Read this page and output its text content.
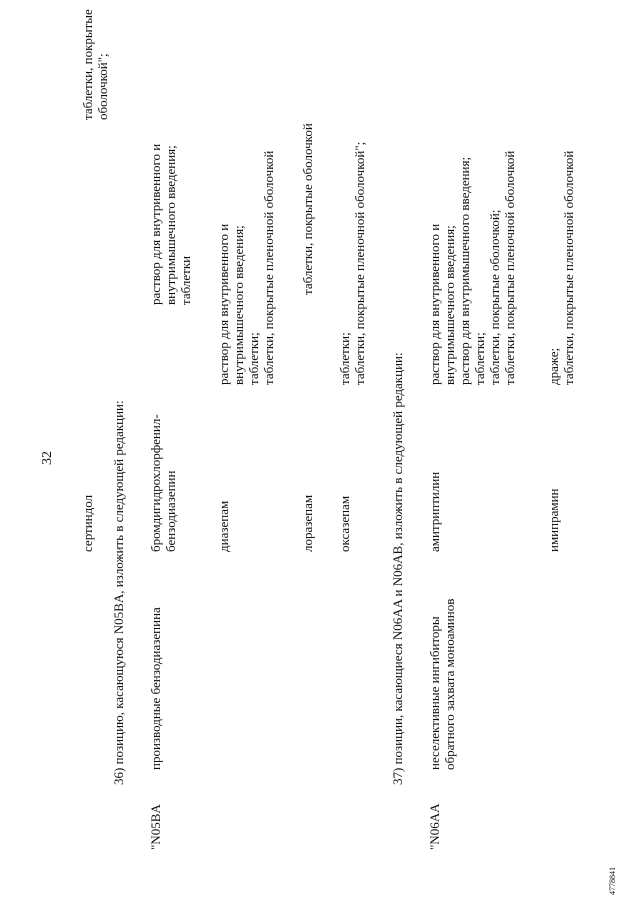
32
сертиндол
таблетки, покрытые оболочкой";
36) позицию, касающуюся N05BA, изложить в следующей редакции:
"N05BA
производные бензодиазепина
бромдигидрохлорфенил-
бензодиазепин
раствор для внутривенного и
внутримышечного введения;
таблетки
диазепам
раствор для внутривенного и
внутримышечного введения;
таблетки;
таблетки, покрытые пленочной оболочкой
лоразепам
таблетки, покрытые оболочкой
оксазепам
таблетки;
таблетки, покрытые пленочной оболочкой";
37) позиции, касающиеся N06AA и N06AB, изложить в следующей редакции:
"N06AA
неселективные ингибиторы
обратного захвата моноаминов
амитриптилин
раствор для внутривенного и
внутримышечного введения;
раствор для внутримышечного введения;
таблетки;
таблетки, покрытые оболочкой;
таблетки, покрытые пленочной оболочкой
имипрамин
драже;
таблетки, покрытые пленочной оболочкой
4778841
